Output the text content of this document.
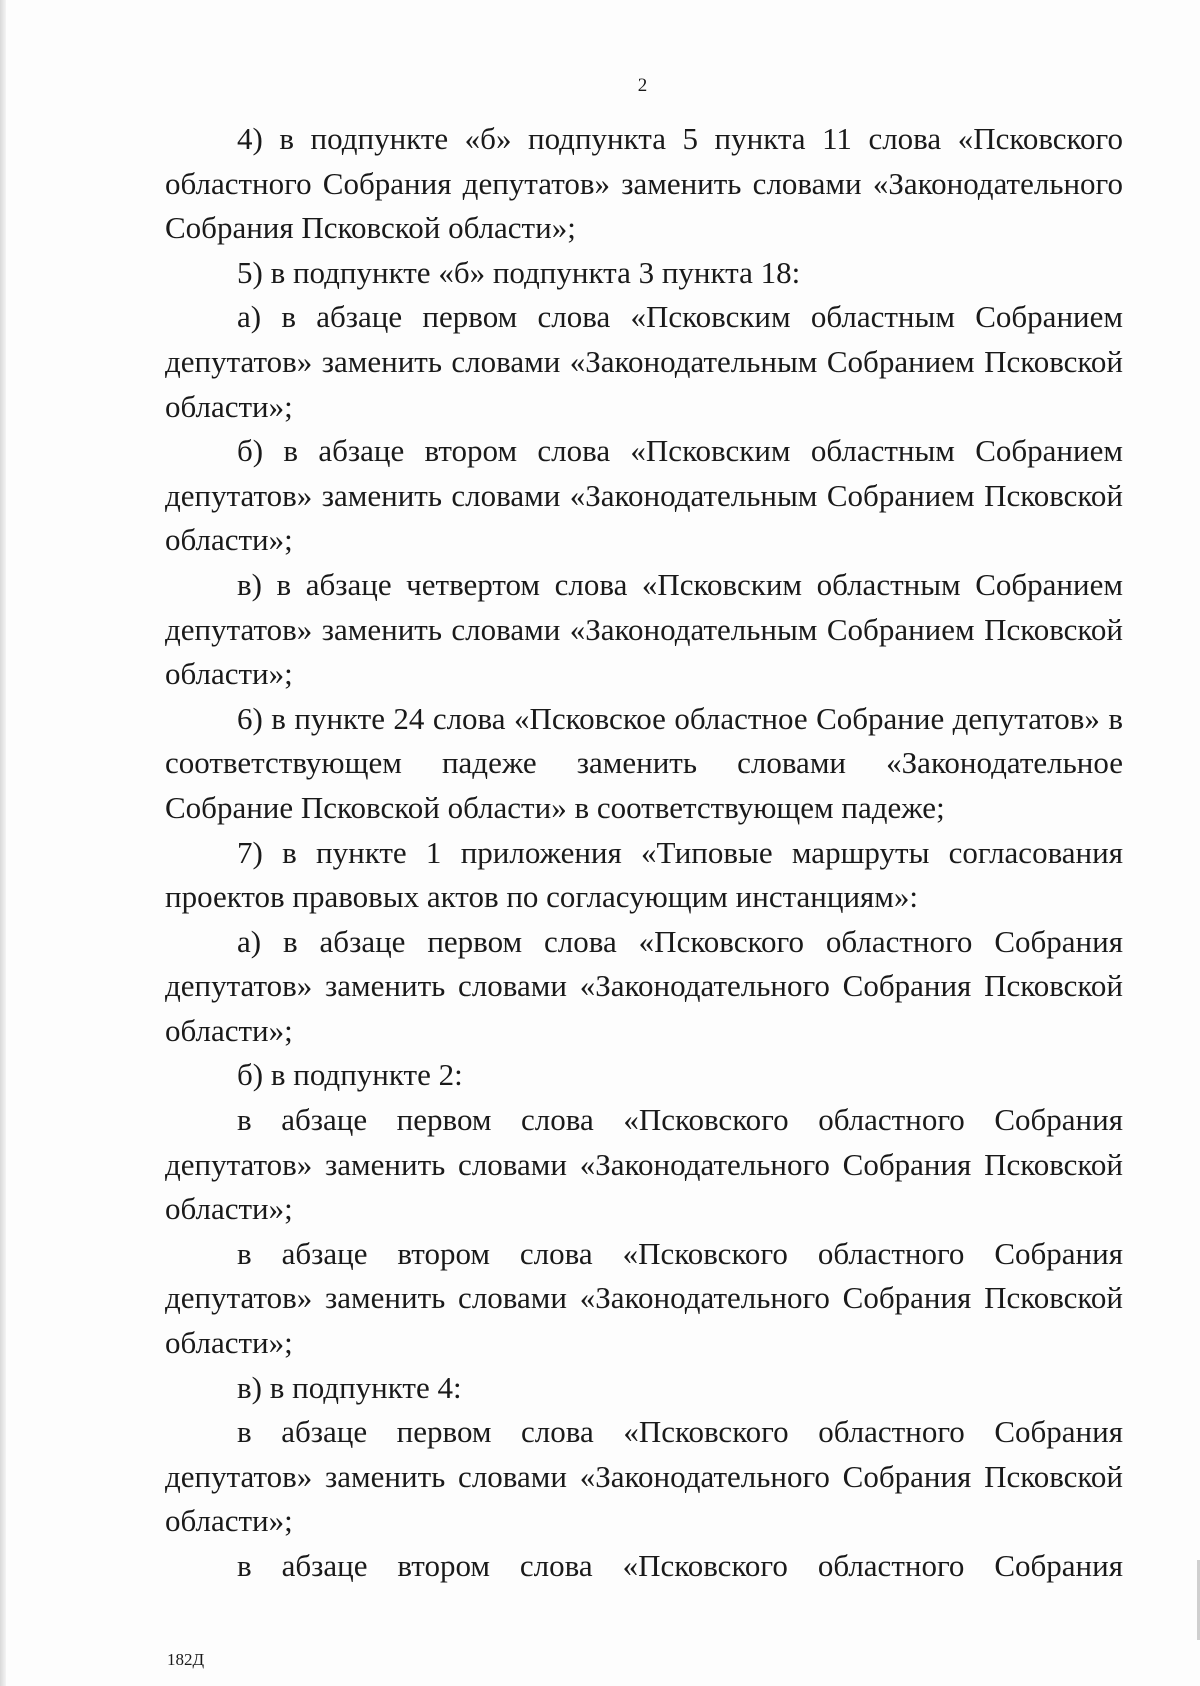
2

4) в подпункте «б» подпункта 5 пункта 11 слова «Псковского областного Собрания депутатов» заменить словами «Законодательного Собрания Псковской области»;

5) в подпункте «б» подпункта 3 пункта 18:

а) в абзаце первом слова «Псковским областным Собранием депутатов» заменить словами «Законодательным Собранием Псковской области»;

б) в абзаце втором слова «Псковским областным Собранием депутатов» заменить словами «Законодательным Собранием Псковской области»;

в) в абзаце четвертом слова «Псковским областным Собранием депутатов» заменить словами «Законодательным Собранием Псковской области»;

6) в пункте 24 слова «Псковское областное Собрание депутатов» в соответствующем падеже заменить словами «Законодательное Собрание Псковской области» в соответствующем падеже;

7) в пункте 1 приложения «Типовые маршруты согласования проектов правовых актов по согласующим инстанциям»:

а) в абзаце первом слова «Псковского областного Собрания депутатов» заменить словами «Законодательного Собрания Псковской области»;

б) в подпункте 2:

в абзаце первом слова «Псковского областного Собрания депутатов» заменить словами «Законодательного Собрания Псковской области»;

в абзаце втором слова «Псковского областного Собрания депутатов» заменить словами «Законодательного Собрания Псковской области»;

в) в подпункте 4:

в абзаце первом слова «Псковского областного Собрания депутатов» заменить словами «Законодательного Собрания Псковской области»;

в абзаце втором слова «Псковского областного Собрания

182Д
